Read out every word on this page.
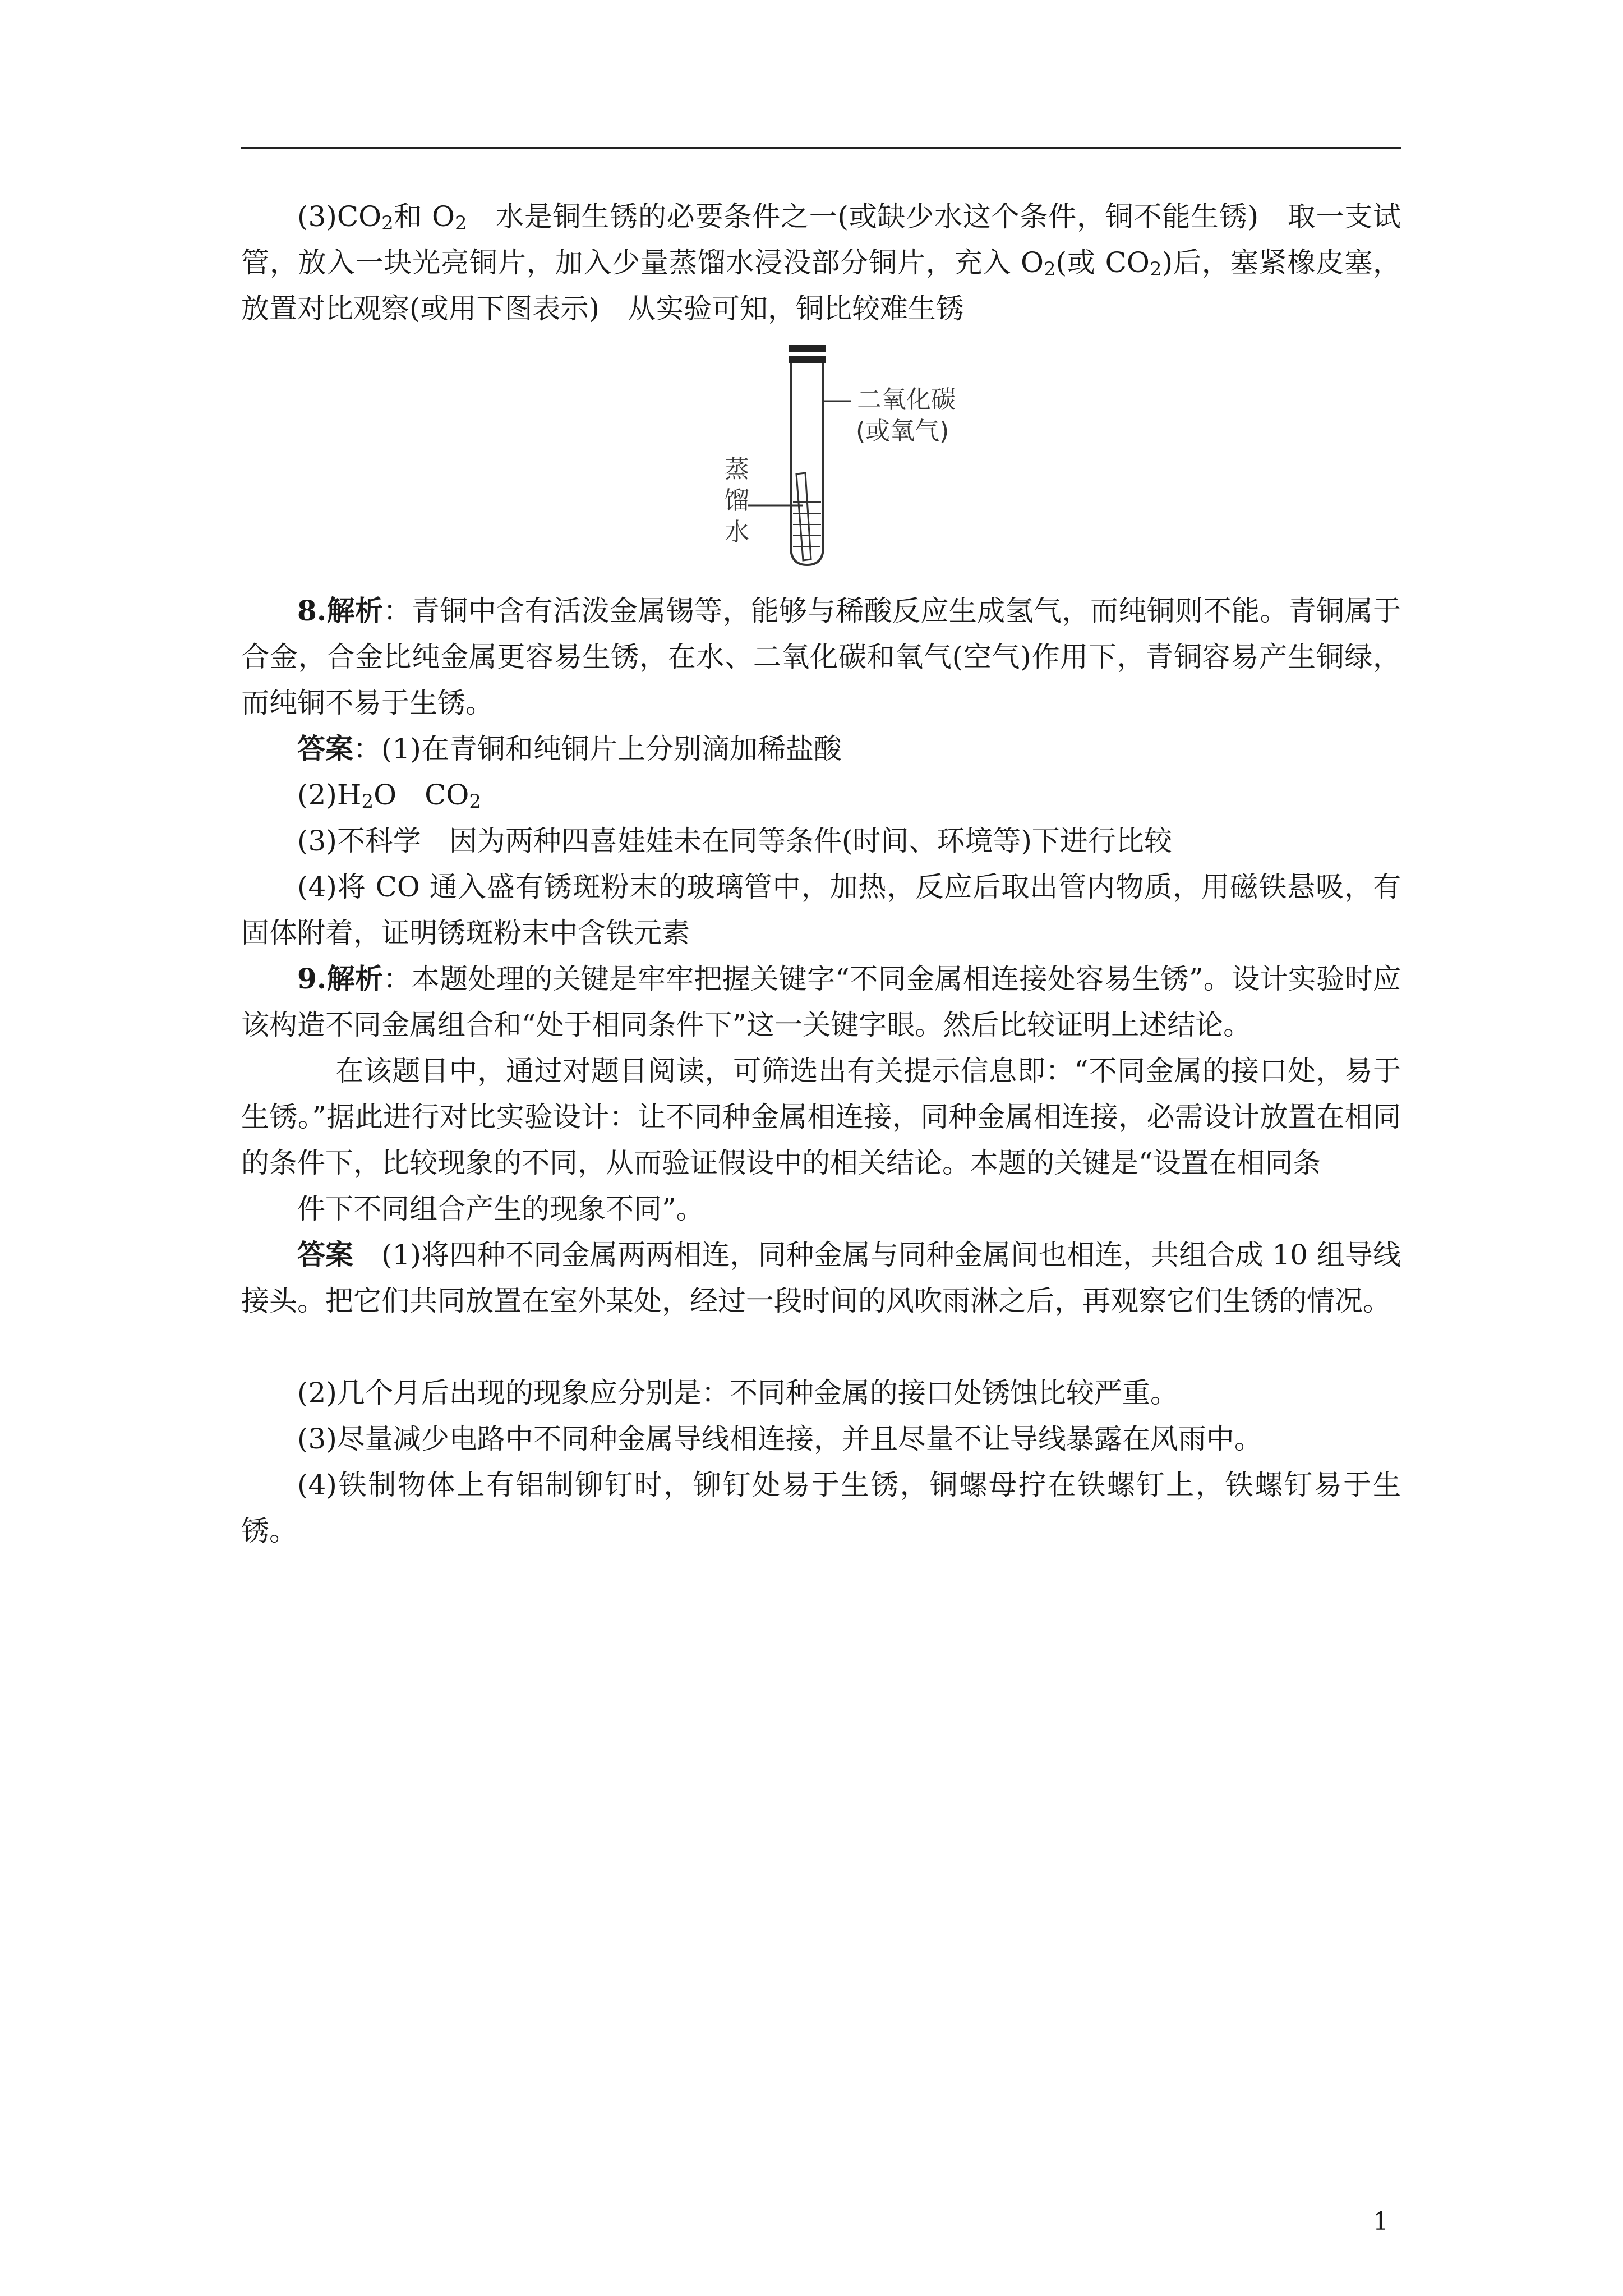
$(3)CO_2$和 $O_2$　水是铜生锈的必要条件之一(或缺少水这个条件，铜不能生锈)　取一支试管，放入一块光亮铜片，加入少量蒸馏水浸没部分铜片，充入 $O_2$(或 $CO_2$)后，塞紧橡皮塞，放置对比观察(或用下图表示)　从实验可知，铜比较难生锈
二氧化碳
(或氧气)
蒸
馏
水
8.解析：青铜中含有活泼金属锡等，能够与稀酸反应生成氢气，而纯铜则不能。青铜属于合金，合金比纯金属更容易生锈，在水、二氧化碳和氧气(空气)作用下，青铜容易产生铜绿，而纯铜不易于生锈。
答案：(1)在青铜和纯铜片上分别滴加稀盐酸
$(2)H_2O$　$CO_2$
(3)不科学　因为两种四喜娃娃未在同等条件(时间、环境等)下进行比较
(4)将 CO 通入盛有锈斑粉末的玻璃管中，加热，反应后取出管内物质，用磁铁悬吸，有固体附着，证明锈斑粉末中含铁元素
9.解析：本题处理的关键是牢牢把握关键字“不同金属相连接处容易生锈”。设计实验时应该构造不同金属组合和“处于相同条件下”这一关键字眼。然后比较证明上述结论。
在该题目中，通过对题目阅读，可筛选出有关提示信息即：“不同金属的接口处，易于生锈。”据此进行对比实验设计：让不同种金属相连接，同种金属相连接，必需设计放置在相同的条件下，比较现象的不同，从而验证假设中的相关结论。本题的关键是“设置在相同条
件下不同组合产生的现象不同”。
答案　(1)将四种不同金属两两相连，同种金属与同种金属间也相连，共组合成 10 组导线接头。把它们共同放置在室外某处，经过一段时间的风吹雨淋之后，再观察它们生锈的情况。
(2)几个月后出现的现象应分别是：不同种金属的接口处锈蚀比较严重。
(3)尽量减少电路中不同种金属导线相连接，并且尽量不让导线暴露在风雨中。
(4)铁制物体上有铝制铆钉时，铆钉处易于生锈，铜螺母拧在铁螺钉上，铁螺钉易于生锈。
1
